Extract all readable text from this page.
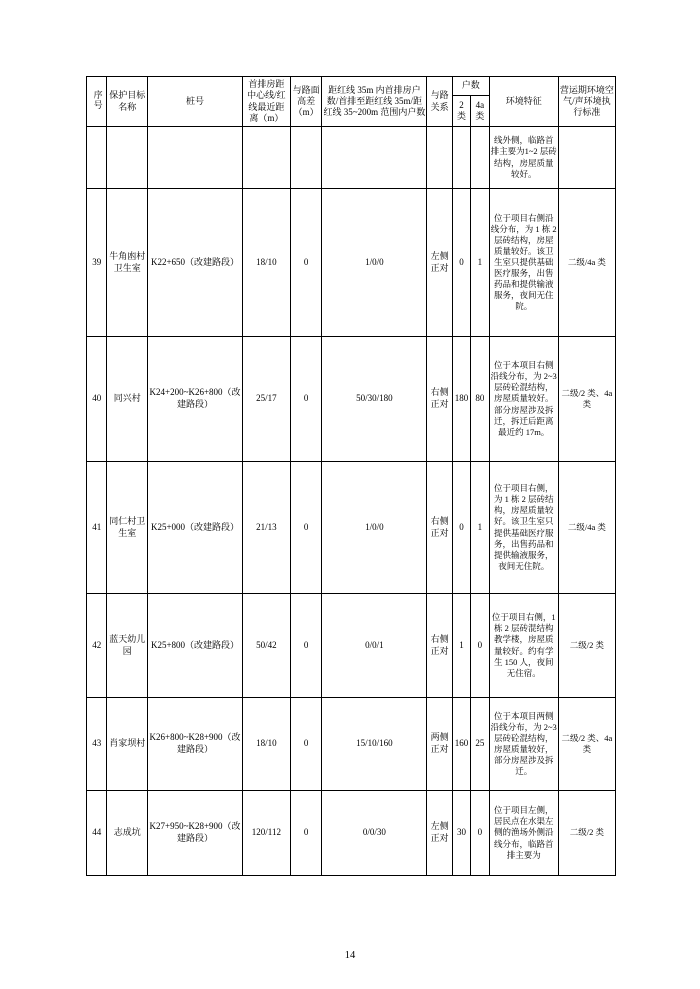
序号	保护目标名称	桩号	首排房距中心线/红线最近距离（m）	与路面高差（m）	距红线 35m 内首排房户数/首排至距红线 35m/距红线 35~200m 范围内户数	与路关系	户数		环境特征	营运期环境空气/声环境执行标准
							2 类	4a 类		
									线外侧，临路首排主要为1~2 层砖结构，房屋质量较好。	
39	牛角凼村卫生室	K22+650（改建路段）	18/10	0	1/0/0	左侧正对	0	1	位于项目右侧沿线分布，为 1 栋 2 层砖结构，房屋质量较好。该卫生室只提供基础医疗服务，出售药品和提供输液服务，夜间无住院。	二级/4a 类
40	同兴村	K24+200~K26+800（改建路段）	25/17	0	50/30/180	右侧正对	180	80	位于本项目右侧沿线分布，为 2~3 层砖砼混结构，房屋质量较好。部分房屋涉及拆迁，拆迁后距离最近约 17m。	二级/2 类、4a 类
41	同仁村卫生室	K25+000（改建路段）	21/13	0	1/0/0	右侧正对	0	1	位于项目右侧，为 1 栋 2 层砖结构，房屋质量较好。该卫生室只提供基础医疗服务，出售药品和提供输液服务，夜间无住院。	二级/4a 类
42	蓝天幼儿园	K25+800（改建路段）	50/42	0	0/0/1	右侧正对	1	0	位于项目右侧，1 栋 2 层砖混结构教学楼，房屋质量较好。约有学生 150 人，夜间无住宿。	二级/2 类
43	肖家坝村	K26+800~K28+900（改建路段）	18/10	0	15/10/160	两侧正对	160	25	位于本项目两侧沿线分布，为 2~3 层砖砼混结构，房屋质量较好，部分房屋涉及拆迁。	二级/2 类、4a 类
44	志成坑	K27+950~K28+900（改建路段）	120/112	0	0/0/30	左侧正对	30	0	位于项目左侧，居民点在水渠左侧的渔场外侧沿线分布，临路首排主要为	二级/2 类
14
